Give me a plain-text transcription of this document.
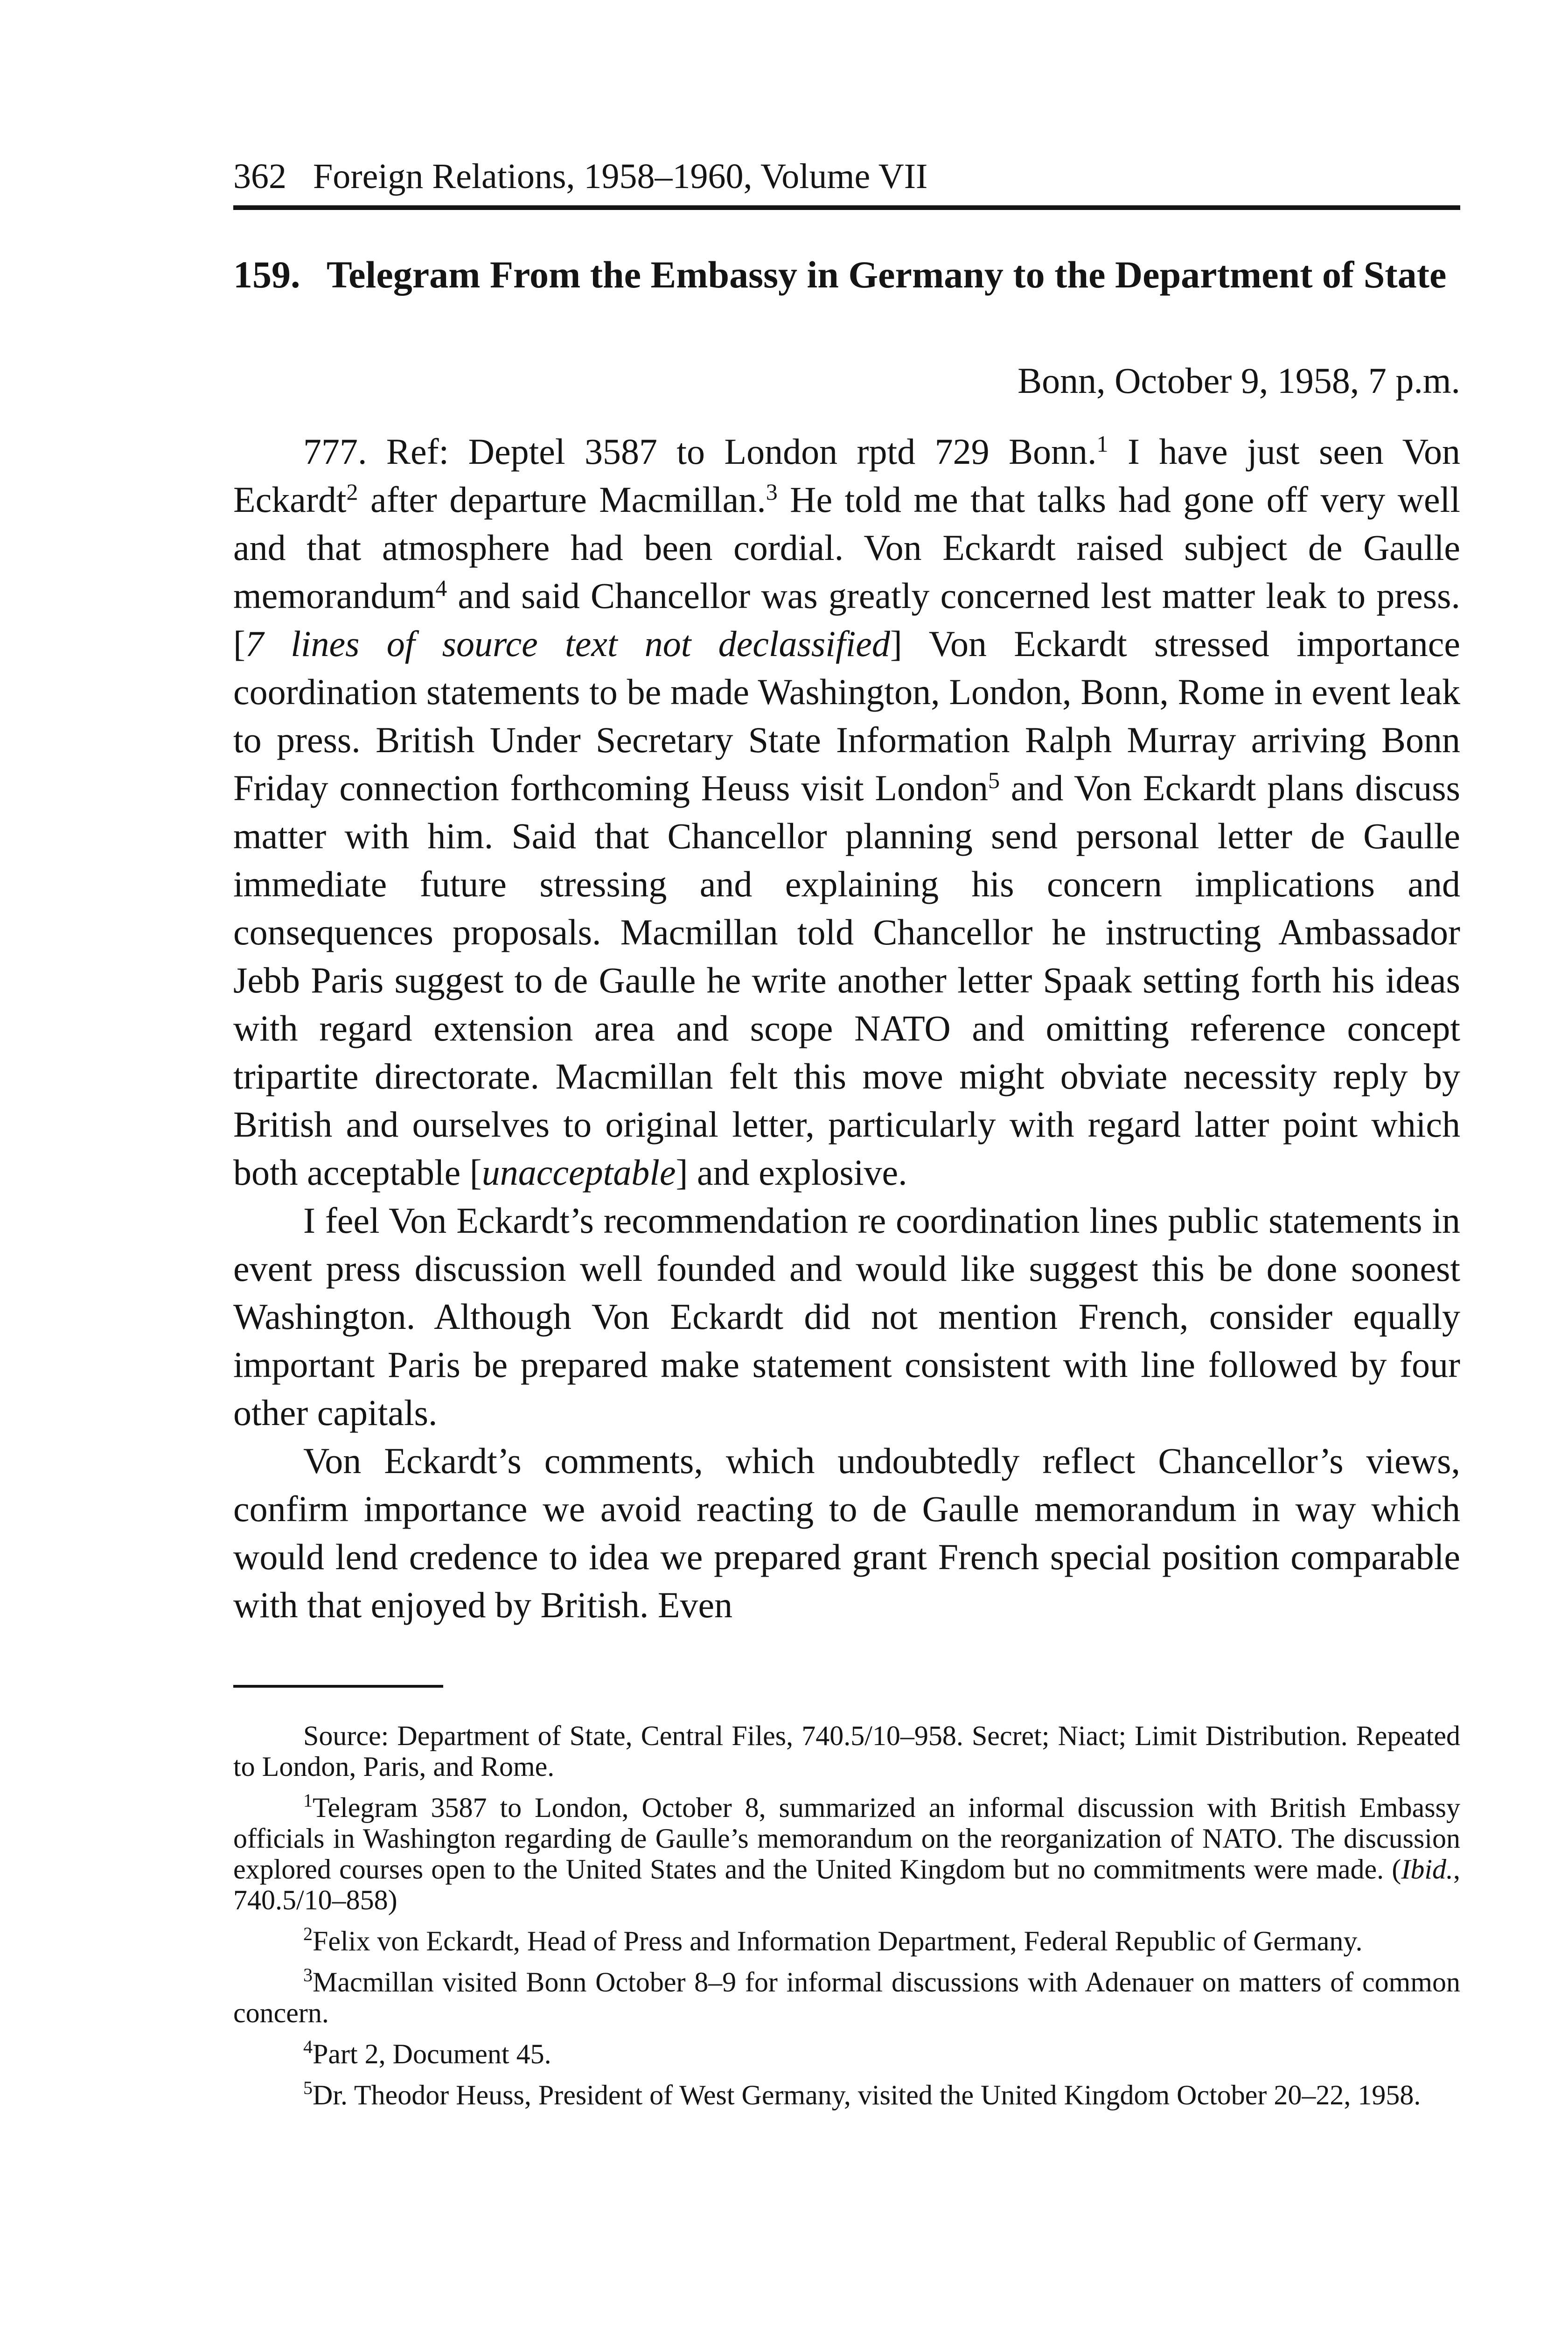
362 Foreign Relations, 1958–1960, Volume VII
159. Telegram From the Embassy in Germany to the Department of State
Bonn, October 9, 1958, 7 p.m.

777. Ref: Deptel 3587 to London rptd 729 Bonn.$^1$ I have just seen Von Eckardt$^2$ after departure Macmillan.$^3$ He told me that talks had gone off very well and that atmosphere had been cordial. Von Eckardt raised subject de Gaulle memorandum$^4$ and said Chancellor was greatly concerned lest matter leak to press. [7 lines of source text not declassified] Von Eckardt stressed importance coordination statements to be made Washington, London, Bonn, Rome in event leak to press. British Under Secretary State Information Ralph Murray arriving Bonn Friday connection forthcoming Heuss visit London$^5$ and Von Eckardt plans discuss matter with him. Said that Chancellor planning send personal letter de Gaulle immediate future stressing and explaining his concern implications and consequences proposals. Macmillan told Chancellor he instructing Ambassador Jebb Paris suggest to de Gaulle he write another letter Spaak setting forth his ideas with regard extension area and scope NATO and omitting reference concept tripartite directorate. Macmillan felt this move might obviate necessity reply by British and ourselves to original letter, particularly with regard latter point which both acceptable [unacceptable] and explosive.

I feel Von Eckardt’s recommendation re coordination lines public statements in event press discussion well founded and would like suggest this be done soonest Washington. Although Von Eckardt did not mention French, consider equally important Paris be prepared make statement consistent with line followed by four other capitals.

Von Eckardt’s comments, which undoubtedly reflect Chancellor’s views, confirm importance we avoid reacting to de Gaulle memorandum in way which would lend credence to idea we prepared grant French special position comparable with that enjoyed by British. Even

Source: Department of State, Central Files, 740.5/10–958. Secret; Niact; Limit Distribution. Repeated to London, Paris, and Rome.

$^1$Telegram 3587 to London, October 8, summarized an informal discussion with British Embassy officials in Washington regarding de Gaulle’s memorandum on the reorganization of NATO. The discussion explored courses open to the United States and the United Kingdom but no commitments were made. (Ibid., 740.5/10–858)

$^2$Felix von Eckardt, Head of Press and Information Department, Federal Republic of Germany.

$^3$Macmillan visited Bonn October 8–9 for informal discussions with Adenauer on matters of common concern.

$^4$Part 2, Document 45.

$^5$Dr. Theodor Heuss, President of West Germany, visited the United Kingdom October 20–22, 1958.
